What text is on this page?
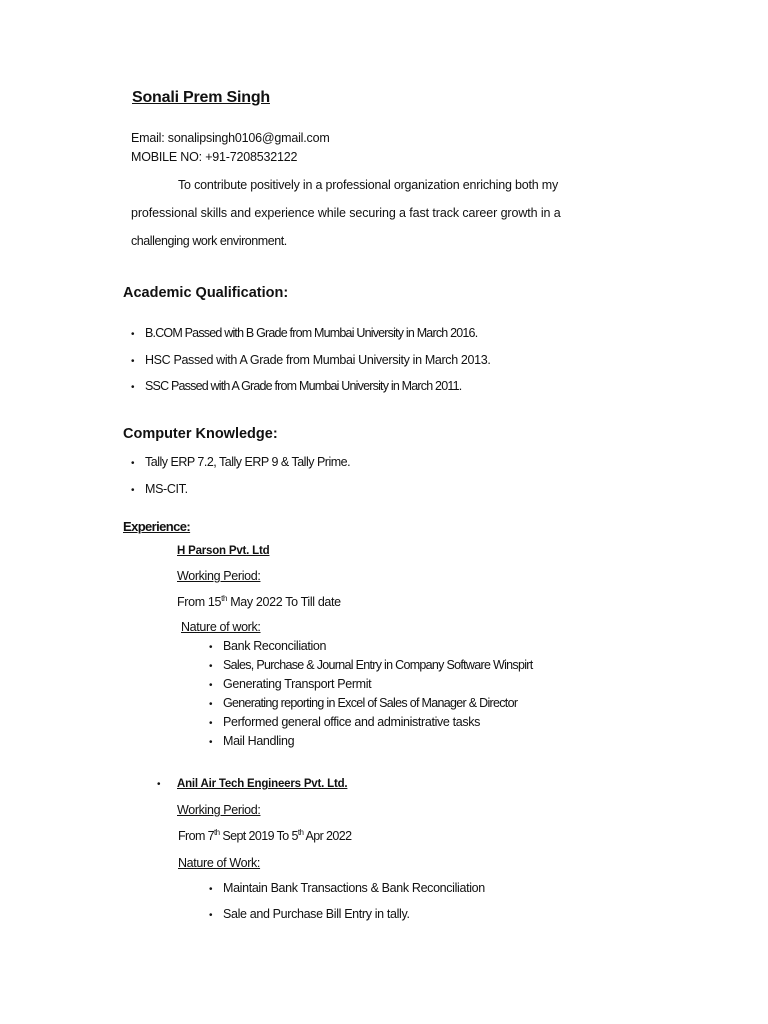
Sonali Prem Singh
Email: sonalipsingh0106@gmail.com
MOBILE NO: +91-7208532122
To contribute positively in a professional organization enriching both my
professional skills and experience while securing a fast track career growth in a
challenging work environment.
Academic Qualification:
• B.COM Passed with B Grade from Mumbai University in March 2016.
• HSC Passed with A Grade from Mumbai University in March 2013.
• SSC Passed with A Grade from Mumbai University in March 2011.
Computer Knowledge:
• Tally ERP 7.2, Tally ERP 9 & Tally Prime.
• MS-CIT.
Experience:
H Parson Pvt. Ltd
Working Period:
From 15th May 2022 To Till date
Nature of work:
• Bank Reconciliation
• Sales, Purchase & Journal Entry in Company Software Winspirt
• Generating Transport Permit
• Generating reporting in Excel of Sales of Manager & Director
• Performed general office and administrative tasks
• Mail Handling
•	Anil Air Tech Engineers Pvt. Ltd.
Working Period:
From 7th Sept 2019 To 5th Apr 2022
Nature of Work:
• Maintain Bank Transactions & Bank Reconciliation
• Sale and Purchase Bill Entry in tally.
